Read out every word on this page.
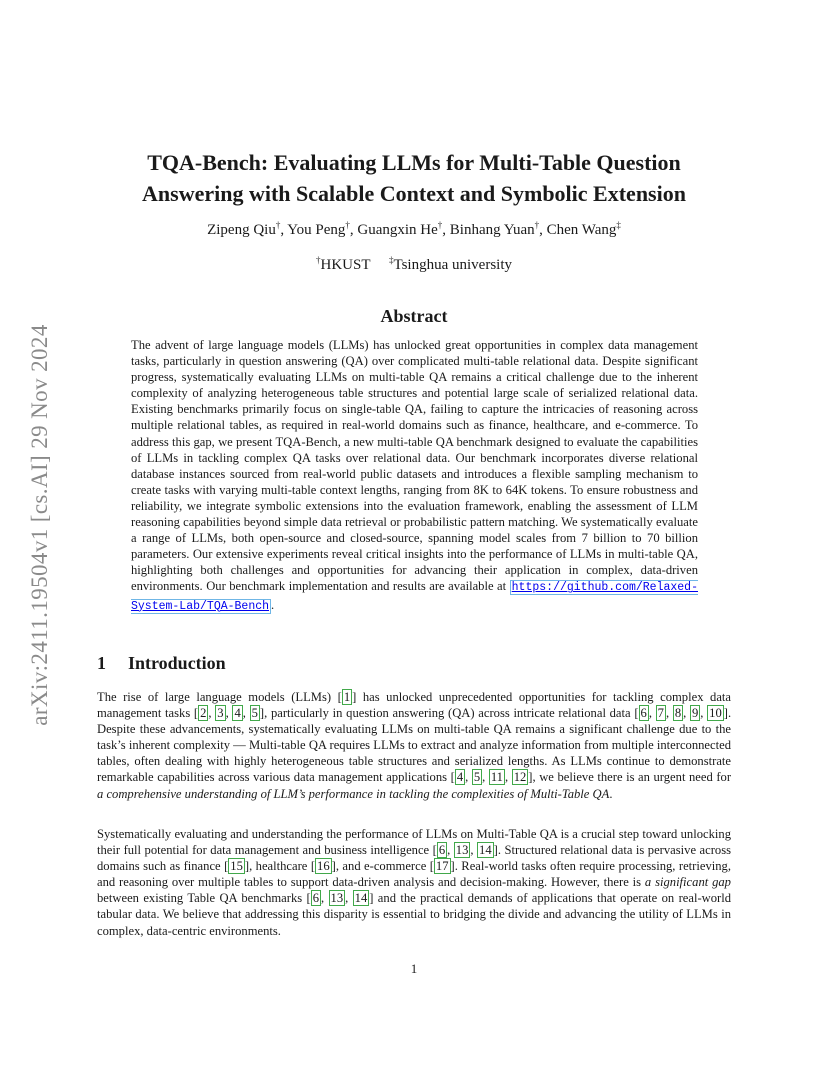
arXiv:2411.19504v1 [cs.AI] 29 Nov 2024
TQA-Bench: Evaluating LLMs for Multi-Table Question
Answering with Scalable Context and Symbolic Extension
Zipeng Qiu†, You Peng†, Guangxin He†, Binhang Yuan†, Chen Wang‡
†HKUST ‡Tsinghua university
Abstract
The advent of large language models (LLMs) has unlocked great opportunities in complex data management tasks, particularly in question answering (QA) over complicated multi-table relational data. Despite significant progress, systematically evaluating LLMs on multi-table QA remains a critical challenge due to the inherent complexity of analyzing heterogeneous table structures and potential large scale of serialized relational data. Existing benchmarks primarily focus on single-table QA, failing to capture the intricacies of reasoning across multiple relational tables, as required in real-world domains such as finance, healthcare, and e-commerce. To address this gap, we present TQA-Bench, a new multi-table QA benchmark designed to evaluate the capabilities of LLMs in tackling complex QA tasks over relational data. Our benchmark incorporates diverse relational database instances sourced from real-world public datasets and introduces a flexible sampling mechanism to create tasks with varying multi-table context lengths, ranging from 8K to 64K tokens. To ensure robustness and reliability, we integrate symbolic extensions into the evaluation framework, enabling the assessment of LLM reasoning capabilities beyond simple data retrieval or probabilistic pattern matching. We systematically evaluate a range of LLMs, both open-source and closed-source, spanning model scales from 7 billion to 70 billion parameters. Our extensive experiments reveal critical insights into the performance of LLMs in multi-table QA, highlighting both challenges and opportunities for advancing their application in complex, data-driven environments. Our benchmark implementation and results are available at https://github.com/Relaxed-System-Lab/TQA-Bench .
1 Introduction

The rise of large language models (LLMs) [ 1 ] has unlocked unprecedented opportunities for tackling complex data management tasks [ 2 , 3 , 4 , 5 ], particularly in question answering (QA) across intricate relational data [ 6 , 7 , 8 , 9 , 10 ]. Despite these advancements, systematically evaluating LLMs on multi-table QA remains a significant challenge due to the task’s inherent complexity — Multi-table QA requires LLMs to extract and analyze information from multiple interconnected tables, often dealing with highly heterogeneous table structures and serialized lengths. As LLMs continue to demonstrate remarkable capabilities across various data management applications [ 4 , 5 , 11 , 12 ], we believe there is an urgent need for a comprehensive understanding of LLM’s performance in tackling the complexities of Multi-Table QA.

Systematically evaluating and understanding the performance of LLMs on Multi-Table QA is a crucial step toward unlocking their full potential for data management and business intelligence [ 6 , 13 , 14 ]. Structured relational data is pervasive across domains such as finance [ 15 ], healthcare [ 16 ], and e-commerce [ 17 ]. Real-world tasks often require processing, retrieving, and reasoning over multiple tables to support data-driven analysis and decision-making. However, there is a significant gap between existing Table QA benchmarks [ 6 , 13 , 14 ] and the practical demands of applications that operate on real-world tabular data. We believe that addressing this disparity is essential to bridging the divide and advancing the utility of LLMs in complex, data-centric environments.

1
